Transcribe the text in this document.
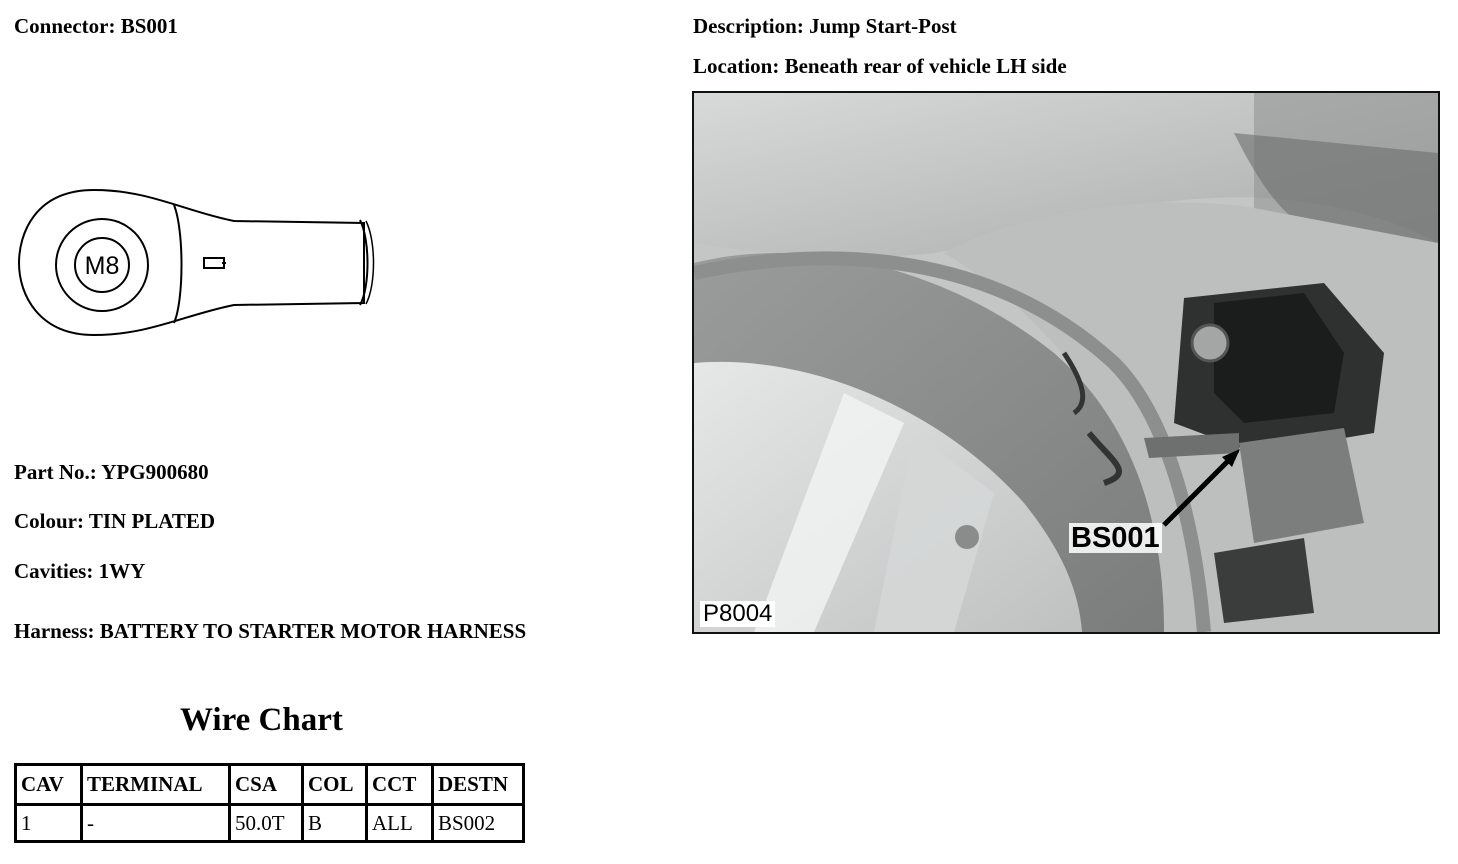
Connector: BS001	Description: Jump Start-Post
Location: Beneath rear of vehicle LH side
M8
Part No.: YPG900680
Colour: TIN PLATED
Cavities: 1WY
Harness: BATTERY TO STARTER MOTOR HARNESS
Wire Chart
CAV	TERMINAL	CSA	COL	CCT	DESTN
1	-	50.0T	B	ALL	BS002
BS001
P8004
